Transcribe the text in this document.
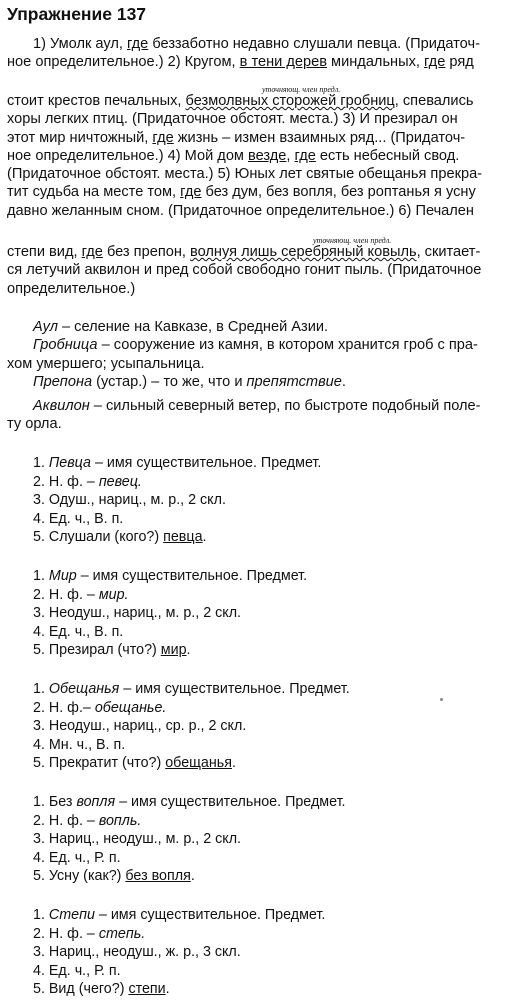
Упражнение 137
1) Умолк аул, где беззаботно недавно слушали певца. (Придаточ-
ное определительное.) 2) Кругом, в тени дерев миндальных, где ряд
уточняющ. член предл.
стоит крестов печальных, безмолвных сторожей гробниц, спевались
хоры легких птиц. (Придаточное обстоят. места.) 3) И презирал он
этот мир ничтожный, где жизнь – измен взаимных ряд... (Придаточ-
ное определительное.) 4) Мой дом везде, где есть небесный свод.
(Придаточное обстоят. места.) 5) Юных лет святые обещанья прекра-
тит судьба на месте том, где без дум, без вопля, без роптанья я усну
давно желанным сном. (Придаточное определительное.) 6) Печален
уточняющ. член предл.
степи вид, где без препон, волнуя лишь серебряный ковыль, скитает-
ся летучий аквилон и пред собой свободно гонит пыль. (Придаточное
определительное.)
Аул – селение на Кавказе, в Средней Азии.
Гробница – сооружение из камня, в котором хранится гроб с пра-
хом умершего; усыпальница.
Препона (устар.) – то же, что и препятствие.
Аквилон – сильный северный ветер, по быстроте подобный поле-
ту орла.
1. Певца – имя существительное. Предмет.
2. Н. ф. – певец.
3. Одуш., нариц., м. р., 2 скл.
4. Ед. ч., В. п.
5. Слушали (кого?) певца.
1. Мир – имя существительное. Предмет.
2. Н. ф. – мир.
3. Неодуш., нариц., м. р., 2 скл.
4. Ед. ч., В. п.
5. Презирал (что?) мир.
1. Обещанья – имя существительное. Предмет.
2. Н. ф.– обещанье.
3. Неодуш., нариц., ср. р., 2 скл.
4. Мн. ч., В. п.
5. Прекратит (что?) обещанья.
1. Без вопля – имя существительное. Предмет.
2. Н. ф. – вопль.
3. Нариц., неодуш., м. р., 2 скл.
4. Ед. ч., Р. п.
5. Усну (как?) без вопля.
1. Степи – имя существительное. Предмет.
2. Н. ф. – степь.
3. Нариц., неодуш., ж. р., 3 скл.
4. Ед. ч., Р. п.
5. Вид (чего?) степи.
